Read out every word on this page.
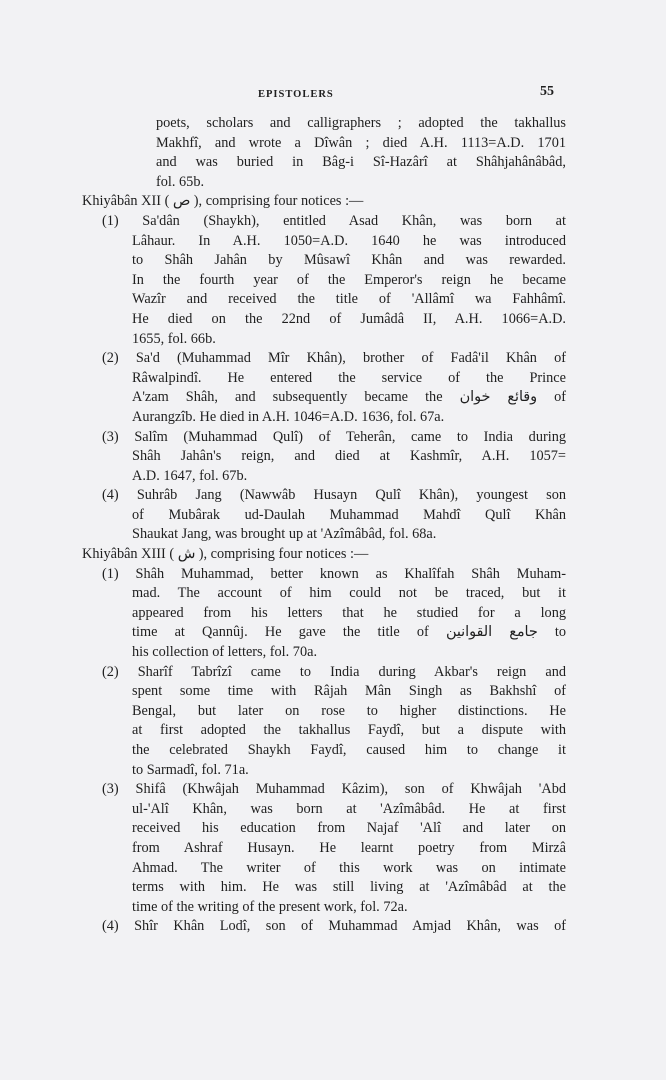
EPISTOLERS	55
poets, scholars and calligraphers ; adopted the takhallus
Makhfî, and wrote a Dîwân ; died A.H. 1113=A.D. 1701
and was buried in Bâg-i Sî-Hazârî at Shâhjahânâbâd,
fol. 65b.
Khiyâbân XII ( ص ), comprising four notices :—
(1) Sa'dân (Shaykh), entitled Asad Khân, was born at
Lâhaur. In A.H. 1050=A.D. 1640 he was introduced
to Shâh Jahân by Mûsawî Khân and was rewarded.
In the fourth year of the Emperor's reign he became
Wazîr and received the title of 'Allâmî wa Fahhâmî.
He died on the 22nd of Jumâdâ II, A.H. 1066=A.D.
1655, fol. 66b.
(2) Sa'd (Muhammad Mîr Khân), brother of Fadâ'il Khân of
Râwalpindî. He entered the service of the Prince
A'zam Shâh, and subsequently became the وقائع خوان of
Aurangzîb. He died in A.H. 1046=A.D. 1636, fol. 67a.
(3) Salîm (Muhammad Qulî) of Teherân, came to India during
Shâh Jahân's reign, and died at Kashmîr, A.H. 1057=
A.D. 1647, fol. 67b.
(4) Suhrâb Jang (Nawwâb Husayn Qulî Khân), youngest son
of Mubârak ud-Daulah Muhammad Mahdî Qulî Khân
Shaukat Jang, was brought up at 'Azîmâbâd, fol. 68a.
Khiyâbân XIII ( ش ), comprising four notices :—
(1) Shâh Muhammad, better known as Khalîfah Shâh Muham-
mad. The account of him could not be traced, but it
appeared from his letters that he studied for a long
time at Qannûj. He gave the title of جامع القوانين to
his collection of letters, fol. 70a.
(2) Sharîf Tabrîzî came to India during Akbar's reign and
spent some time with Râjah Mân Singh as Bakhshî of
Bengal, but later on rose to higher distinctions. He
at first adopted the takhallus Faydî, but a dispute with
the celebrated Shaykh Faydî, caused him to change it
to Sarmadî, fol. 71a.
(3) Shifâ (Khwâjah Muhammad Kâzim), son of Khwâjah 'Abd
ul-'Alî Khân, was born at 'Azîmâbâd. He at first
received his education from Najaf 'Alî and later on
from Ashraf Husayn. He learnt poetry from Mirzâ
Ahmad. The writer of this work was on intimate
terms with him. He was still living at 'Azîmâbâd at the
time of the writing of the present work, fol. 72a.
(4) Shîr Khân Lodî, son of Muhammad Amjad Khân, was of
